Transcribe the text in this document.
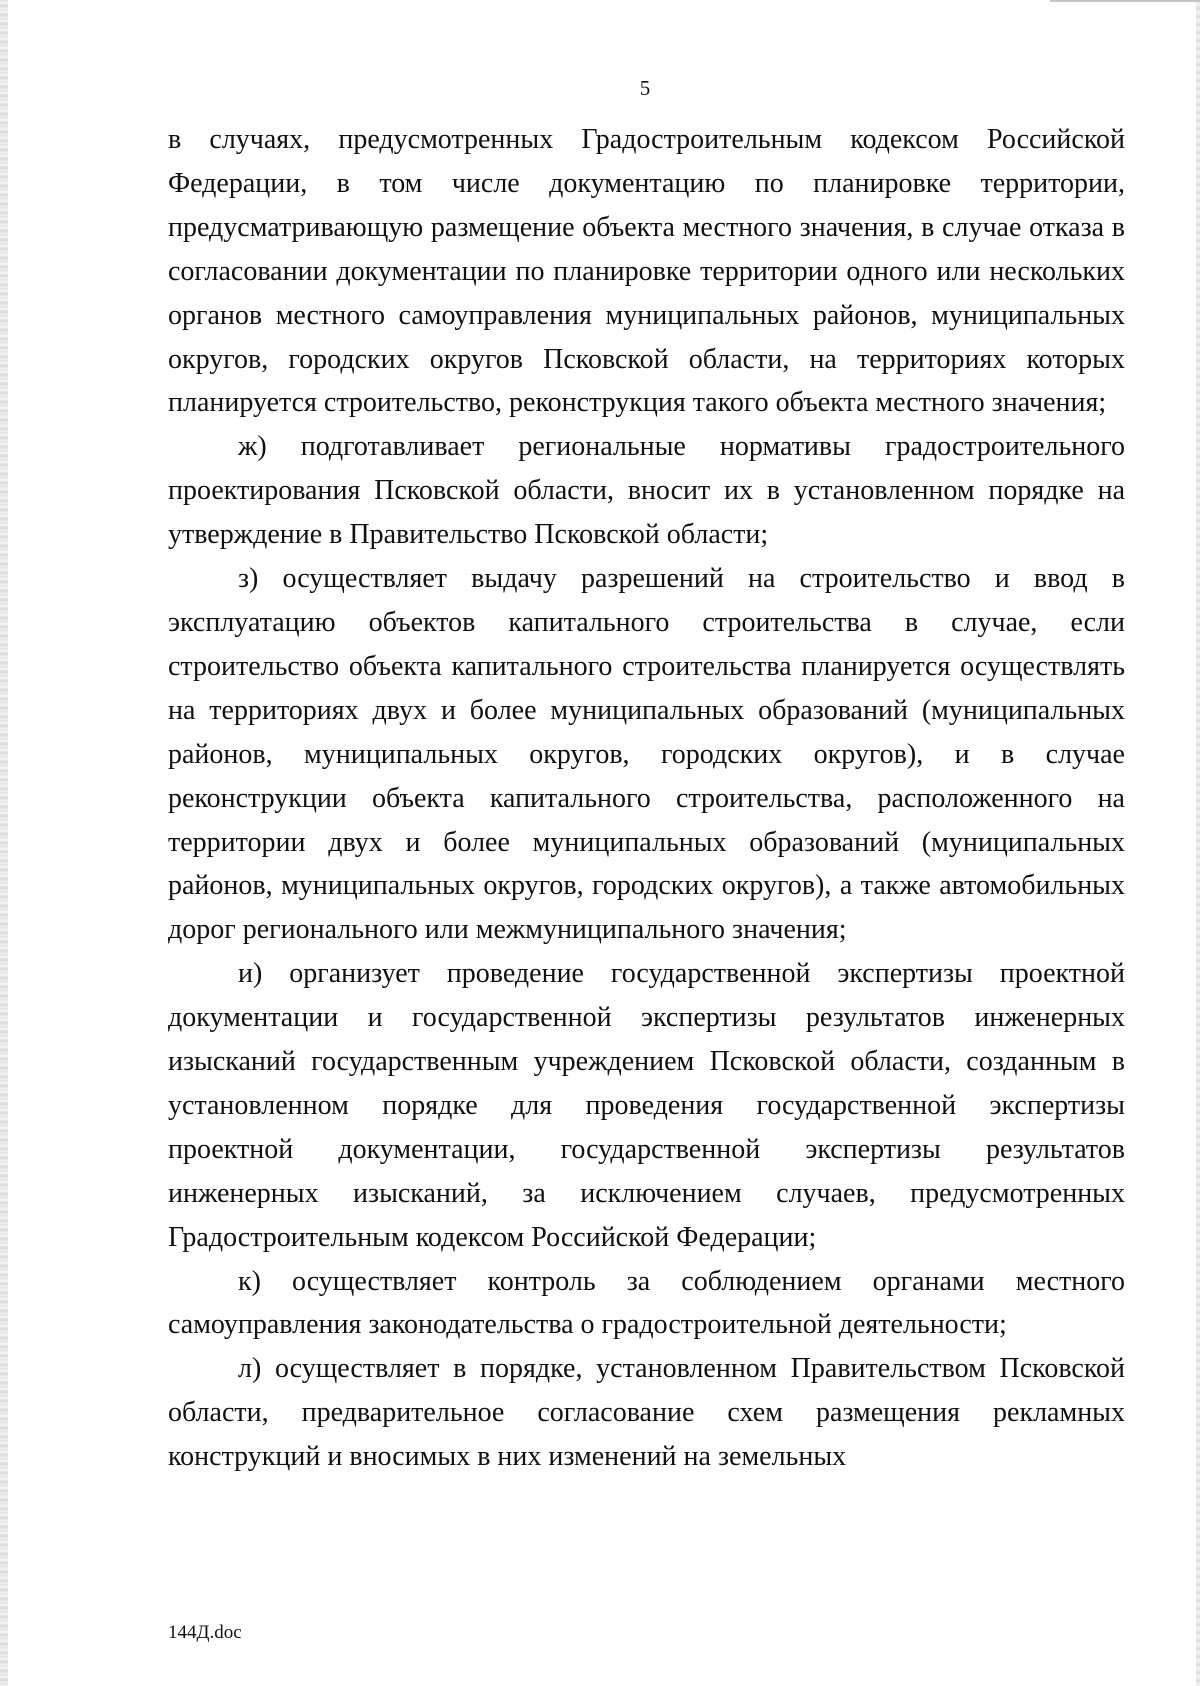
5

в случаях, предусмотренных Градостроительным кодексом Российской Федерации, в том числе документацию по планировке территории, предусматривающую размещение объекта местного значения, в случае отказа в согласовании документации по планировке территории одного или нескольких органов местного самоуправления муниципальных районов, муниципальных округов, городских округов Псковской области, на территориях которых планируется строительство, реконструкция такого объекта местного значения;

ж) подготавливает региональные нормативы градостроительного проектирования Псковской области, вносит их в установленном порядке на утверждение в Правительство Псковской области;

з) осуществляет выдачу разрешений на строительство и ввод в эксплуатацию объектов капитального строительства в случае, если строительство объекта капитального строительства планируется осуществлять на территориях двух и более муниципальных образований (муниципальных районов, муниципальных округов, городских округов), и в случае реконструкции объекта капитального строительства, расположенного на территории двух и более муниципальных образований (муниципальных районов, муниципальных округов, городских округов), а также автомобильных дорог регионального или межмуниципального значения;

и) организует проведение государственной экспертизы проектной документации и государственной экспертизы результатов инженерных изысканий государственным учреждением Псковской области, созданным в установленном порядке для проведения государственной экспертизы проектной документации, государственной экспертизы результатов инженерных изысканий, за исключением случаев, предусмотренных Градостроительным кодексом Российской Федерации;

к) осуществляет контроль за соблюдением органами местного самоуправления законодательства о градостроительной деятельности;

л) осуществляет в порядке, установленном Правительством Псковской области, предварительное согласование схем размещения рекламных конструкций и вносимых в них изменений на земельных

144Д.doc
